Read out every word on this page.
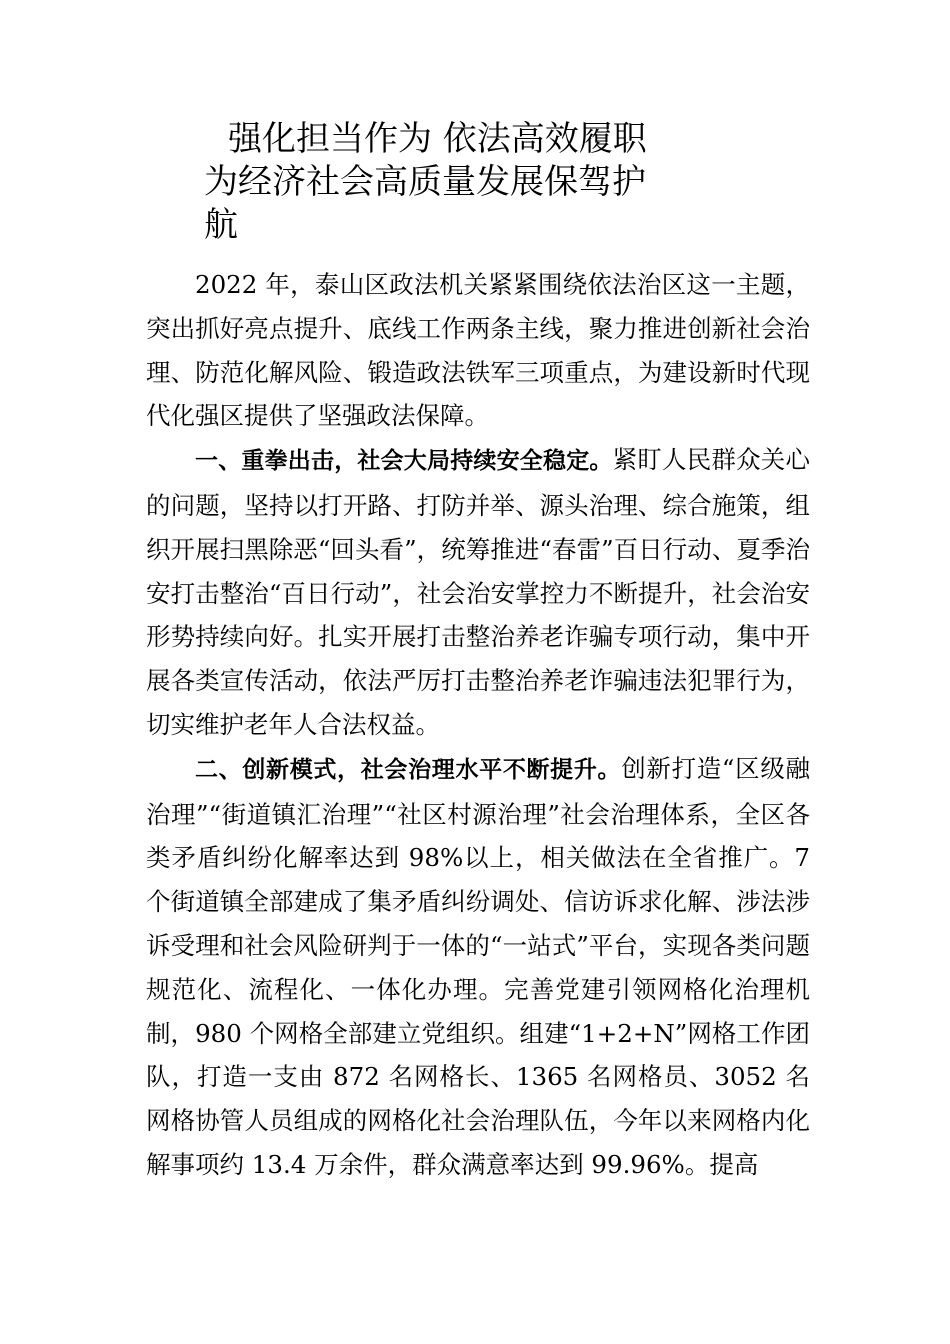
强化担当作为 依法高效履职
为经济社会高质量发展保驾护
航

2022 年，泰山区政法机关紧紧围绕依法治区这一主题，突出抓好亮点提升、底线工作两条主线，聚力推进创新社会治理、防范化解风险、锻造政法铁军三项重点，为建设新时代现代化强区提供了坚强政法保障。

一、重拳出击，社会大局持续安全稳定。紧盯人民群众关心的问题，坚持以打开路、打防并举、源头治理、综合施策，组织开展扫黑除恶“回头看”，统筹推进“春雷”百日行动、夏季治安打击整治“百日行动”，社会治安掌控力不断提升，社会治安形势持续向好。扎实开展打击整治养老诈骗专项行动，集中开展各类宣传活动，依法严厉打击整治养老诈骗违法犯罪行为，切实维护老年人合法权益。

二、创新模式，社会治理水平不断提升。创新打造“区级融治理”“街道镇汇治理”“社区村源治理”社会治理体系，全区各类矛盾纠纷化解率达到 98%以上，相关做法在全省推广。7 个街道镇全部建成了集矛盾纠纷调处、信访诉求化解、涉法涉诉受理和社会风险研判于一体的“一站式”平台，实现各类问题规范化、流程化、一体化办理。完善党建引领网格化治理机制，980 个网格全部建立党组织。组建“1+2+N”网格工作团队，打造一支由 872 名网格长、1365 名网格员、3052 名网格协管人员组成的网格化社会治理队伍，今年以来网格内化解事项约 13.4 万余件，群众满意率达到 99.96%。提高
